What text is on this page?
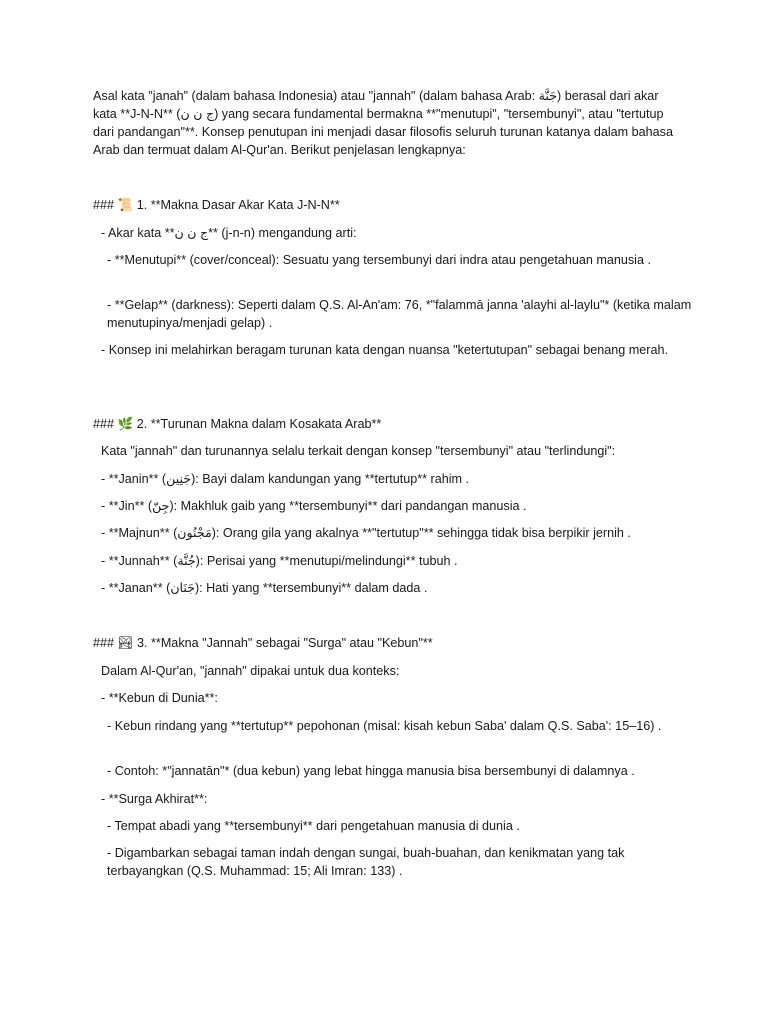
Asal kata "janah" (dalam bahasa Indonesia) atau "jannah" (dalam bahasa Arab: جَنَّة) berasal dari akar kata **J-N-N** (ج ن ن) yang secara fundamental bermakna **"menutupi", "tersembunyi", atau "tertutup dari pandangan"**. Konsep penutupan ini menjadi dasar filosofis seluruh turunan katanya dalam bahasa Arab dan termuat dalam Al-Qur'an. Berikut penjelasan lengkapnya:

### 📜 1. **Makna Dasar Akar Kata J-N-N**

- Akar kata **ج ن ن** (j-n-n) mengandung arti:

- **Menutupi** (cover/conceal): Sesuatu yang tersembunyi dari indra atau pengetahuan manusia .

- **Gelap** (darkness): Seperti dalam Q.S. Al-An'am: 76, *"falammā janna 'alayhi al-laylu"* (ketika malam menutupinya/menjadi gelap) .

- Konsep ini melahirkan beragam turunan kata dengan nuansa "ketertutupan" sebagai benang merah.

### 🌿 2. **Turunan Makna dalam Kosakata Arab**

Kata "jannah" dan turunannya selalu terkait dengan konsep "tersembunyi" atau "terlindungi":

- **Janin** (جَنِين): Bayi dalam kandungan yang **tertutup** rahim .

- **Jin** (جِنّ): Makhluk gaib yang **tersembunyi** dari pandangan manusia .

- **Majnun** (مَجْنُون): Orang gila yang akalnya **"tertutup"** sehingga tidak bisa berpikir jernih .

- **Junnah** (جُنَّة): Perisai yang **menutupi/melindungi** tubuh .

- **Janan** (جَنَان): Hati yang **tersembunyi** dalam dada .

### 🏞 3. **Makna "Jannah" sebagai "Surga" atau "Kebun"**

Dalam Al-Qur'an, "jannah" dipakai untuk dua konteks:

- **Kebun di Dunia**:

- Kebun rindang yang **tertutup** pepohonan (misal: kisah kebun Saba' dalam Q.S. Saba': 15–16) .

- Contoh: *"jannatān"* (dua kebun) yang lebat hingga manusia bisa bersembunyi di dalamnya .

- **Surga Akhirat**:

- Tempat abadi yang **tersembunyi** dari pengetahuan manusia di dunia .

- Digambarkan sebagai taman indah dengan sungai, buah-buahan, dan kenikmatan yang tak terbayangkan (Q.S. Muhammad: 15; Ali Imran: 133) .
